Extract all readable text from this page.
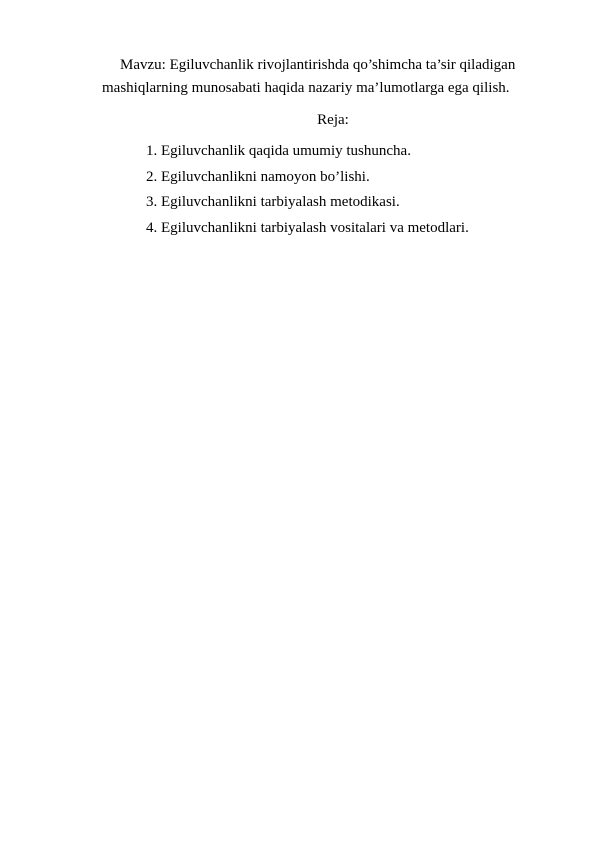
Mavzu: Egiluvchanlik rivojlantirishda qo’shimcha ta’sir qiladigan
mashiqlarning munosabati haqida nazariy ma’lumotlarga ega qilish.

Reja:

1. Egiluvchanlik qaqida umumiy tushuncha.
2. Egiluvchanlikni namoyon bo’lishi.
3. Egiluvchanlikni tarbiyalash metodikasi.
4. Egiluvchanlikni tarbiyalash vositalari va metodlari.
